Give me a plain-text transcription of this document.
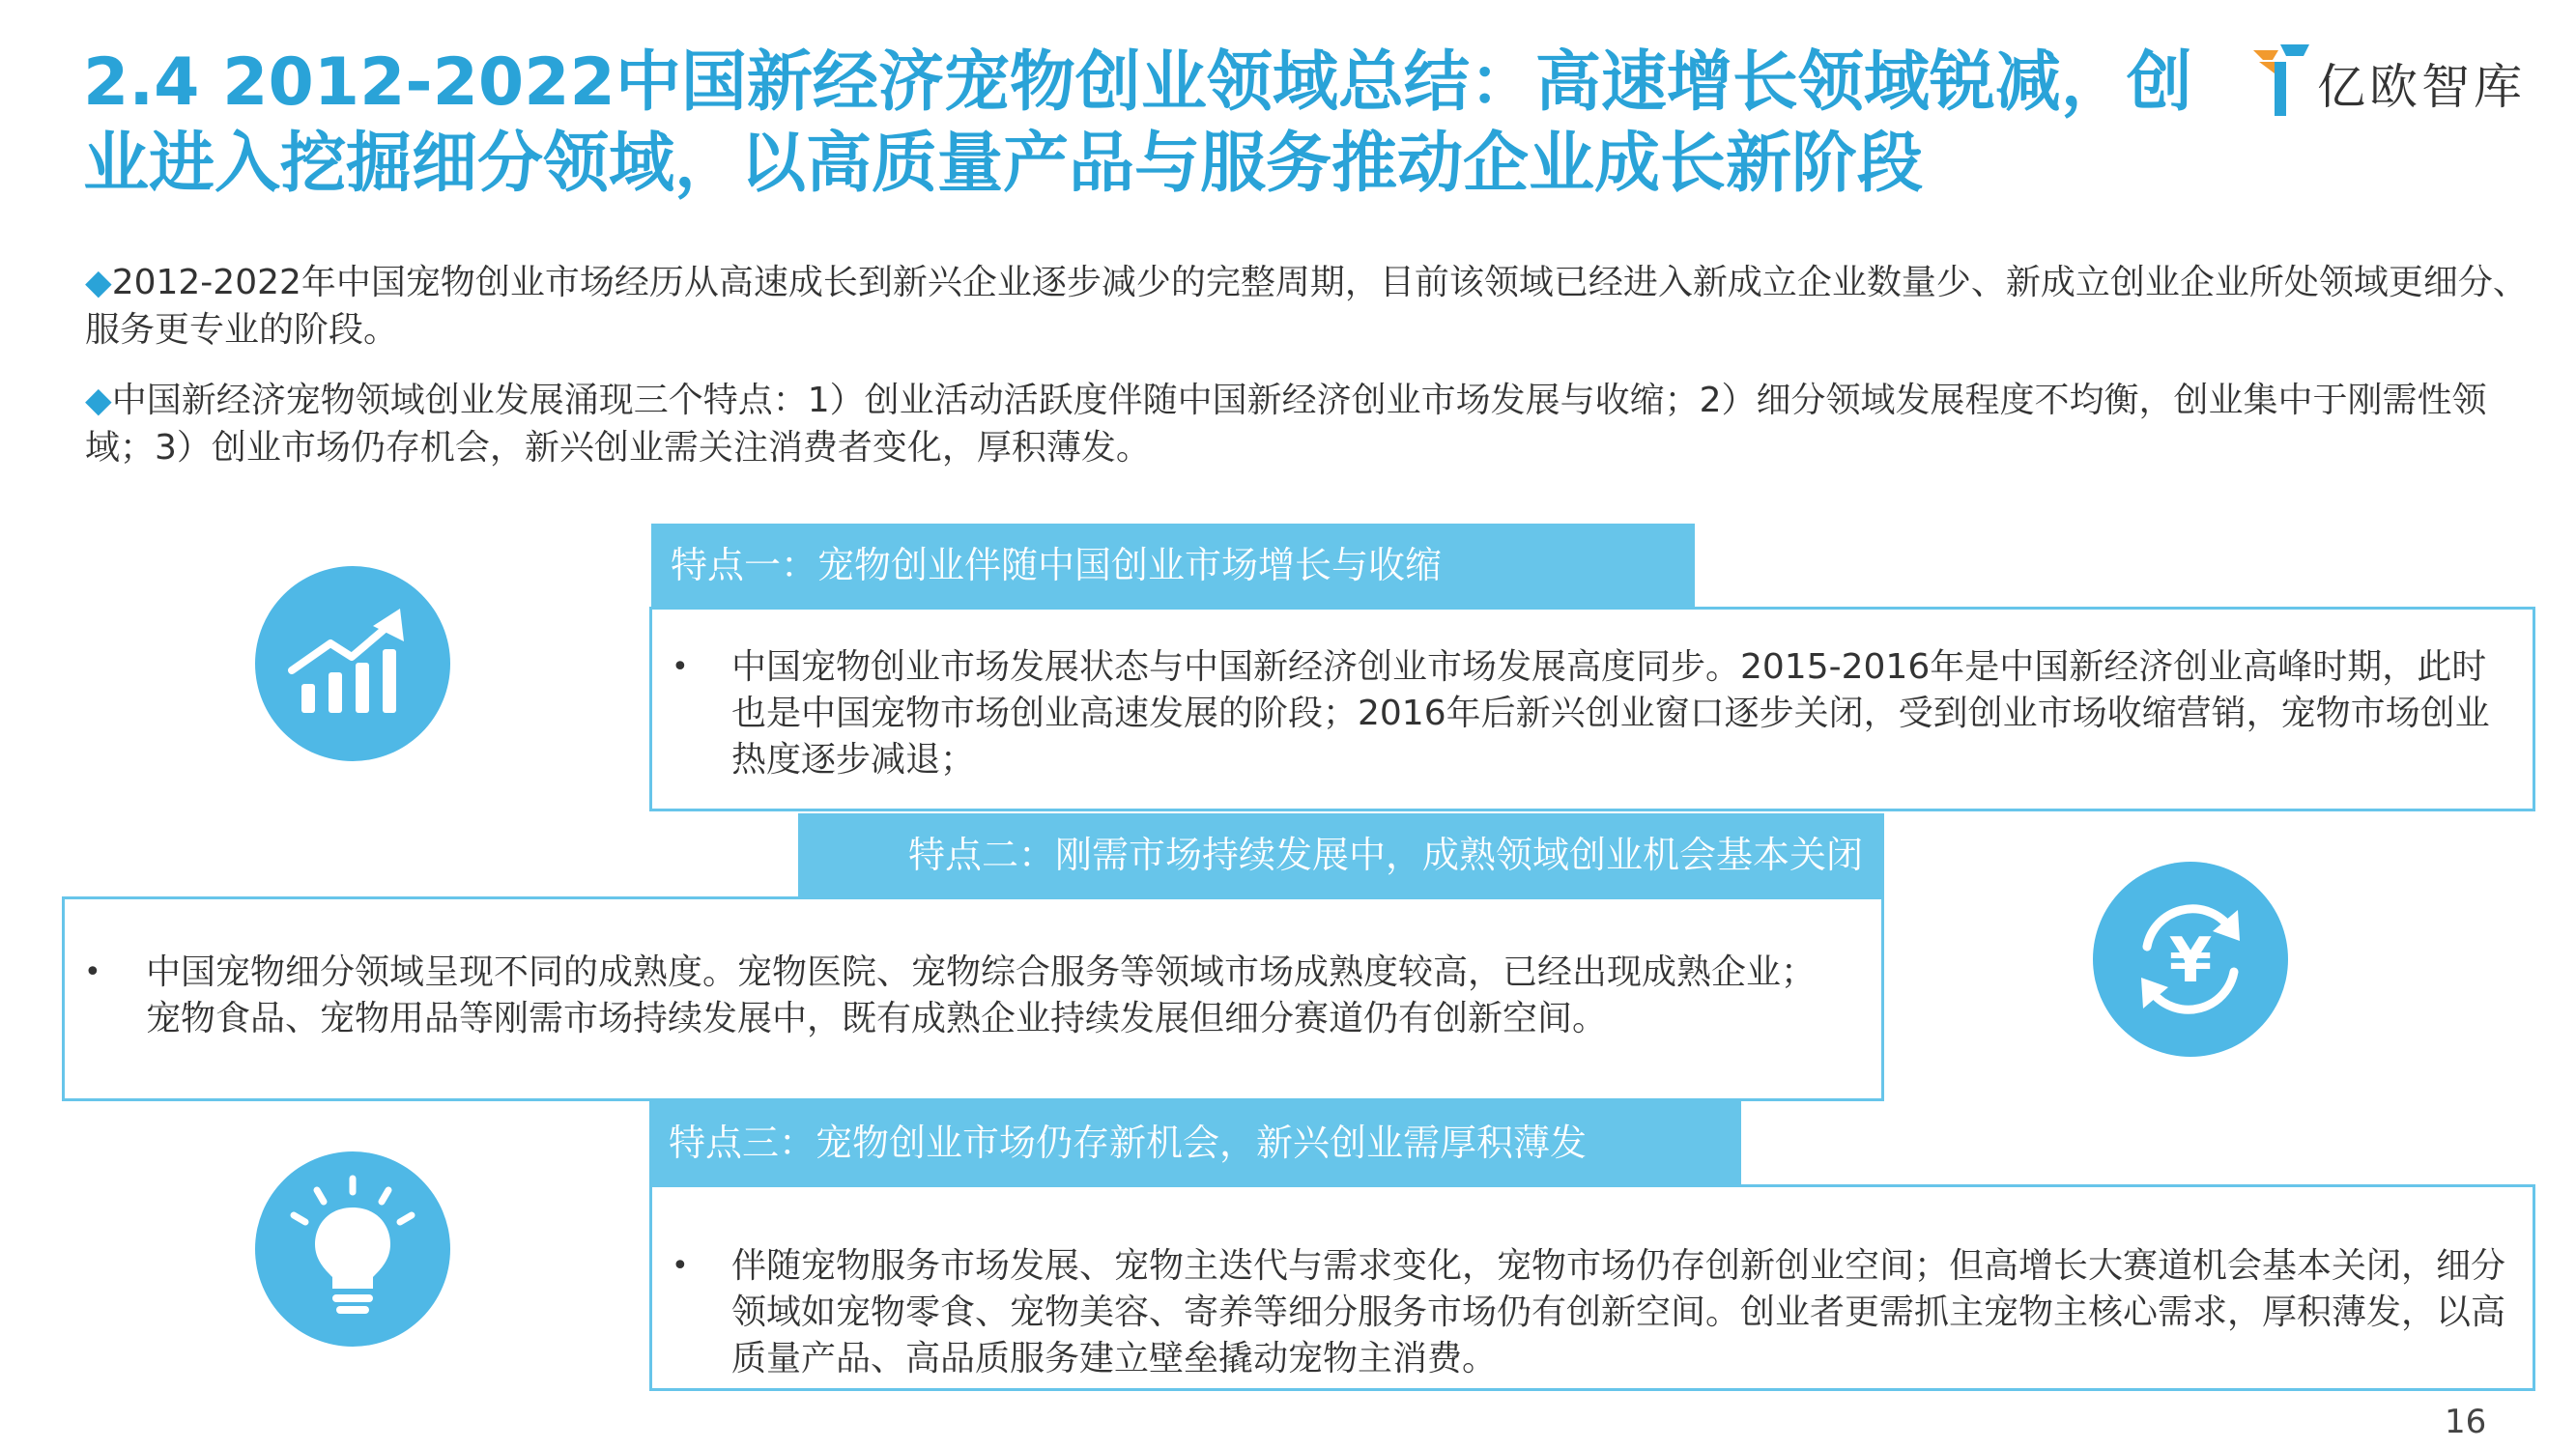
2.4 2012-2022中国新经济宠物创业领域总结：高速增长领域锐减，创业进入挖掘细分领域，以高质量产品与服务推动企业成长新阶段
亿欧智库
◆2012-2022年中国宠物创业市场经历从高速成长到新兴企业逐步减少的完整周期，目前该领域已经进入新成立企业数量少、新成立创业企业所处领域更细分、服务更专业的阶段。
◆中国新经济宠物领域创业发展涌现三个特点：1）创业活动活跃度伴随中国新经济创业市场发展与收缩；2）细分领域发展程度不均衡，创业集中于刚需性领域；3）创业市场仍存机会，新兴创业需关注消费者变化，厚积薄发。
• 中国宠物创业市场发展状态与中国新经济创业市场发展高度同步。2015-2016年是中国新经济创业高峰时期，此时也是中国宠物市场创业高速发展的阶段；2016年后新兴创业窗口逐步关闭，受到创业市场收缩营销，宠物市场创业热度逐步减退；
特点一：宠物创业伴随中国创业市场增长与收缩
• 中国宠物细分领域呈现不同的成熟度。宠物医院、宠物综合服务等领域市场成熟度较高，已经出现成熟企业；宠物食品、宠物用品等刚需市场持续发展中，既有成熟企业持续发展但细分赛道仍有创新空间。
特点二：刚需市场持续发展中，成熟领域创业机会基本关闭
¥
• 伴随宠物服务市场发展、宠物主迭代与需求变化，宠物市场仍存创新创业空间；但高增长大赛道机会基本关闭，细分领域如宠物零食、宠物美容、寄养等细分服务市场仍有创新空间。创业者更需抓主宠物主核心需求，厚积薄发，以高质量产品、高品质服务建立壁垒撬动宠物主消费。
特点三：宠物创业市场仍存新机会，新兴创业需厚积薄发
16
